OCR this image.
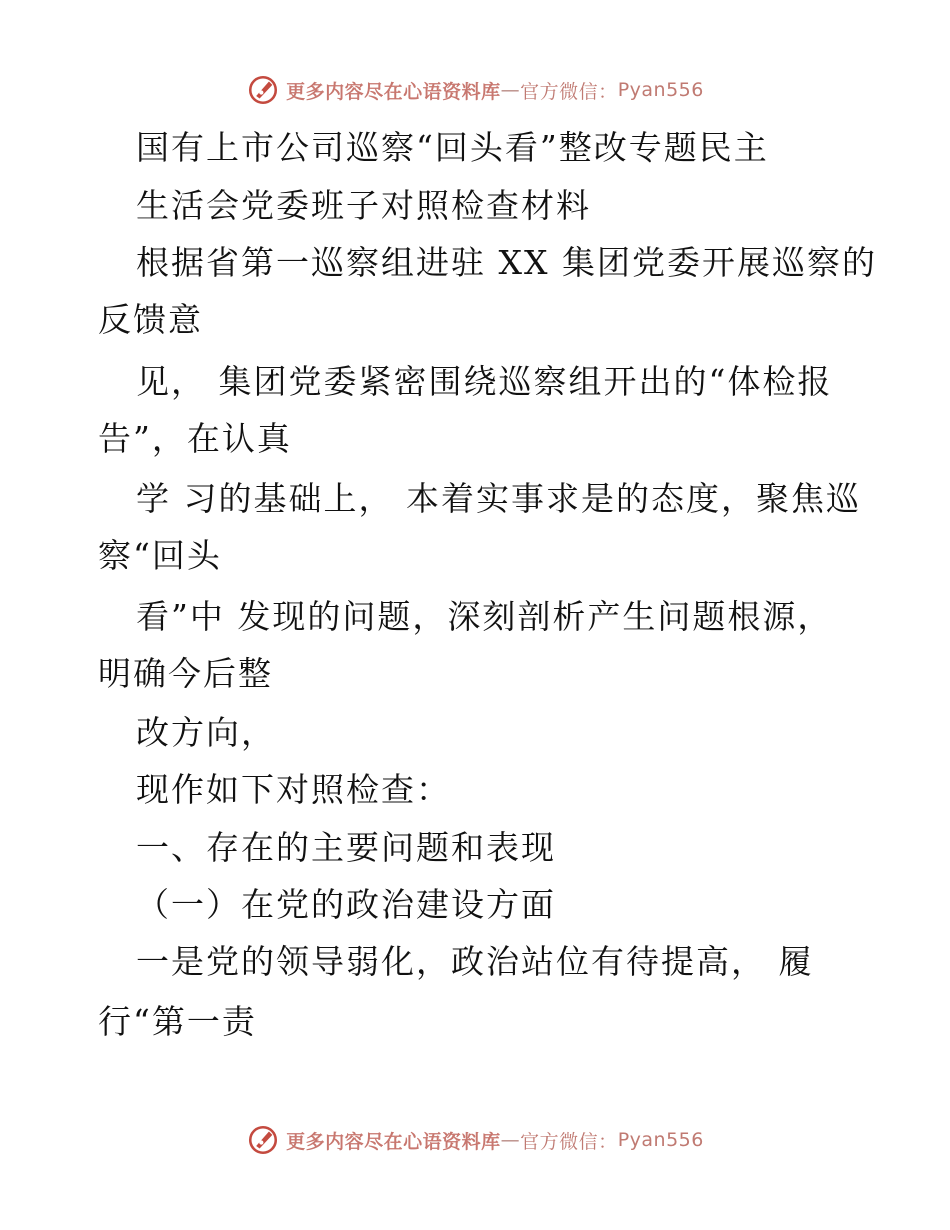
更多内容尽在心语资料库 — 官方微信： Pyan556
国有上市公司巡察“回头看”整改专题民主
生活会党委班子对照检查材料
根据省第一巡察组进驻 XX 集团党委开展巡察的
反馈意
见， 集团党委紧密围绕巡察组开出的“体检报
告”，在认真
学 习的基础上， 本着实事求是的态度，聚焦巡
察“回头
看”中 发现的问题，深刻剖析产生问题根源，
明确今后整
改方向，
现作如下对照检查：
一、存在的主要问题和表现
（一）在党的政治建设方面
一是党的领导弱化，政治站位有待提高， 履
行“第一责
更多内容尽在心语资料库 — 官方微信： Pyan556
